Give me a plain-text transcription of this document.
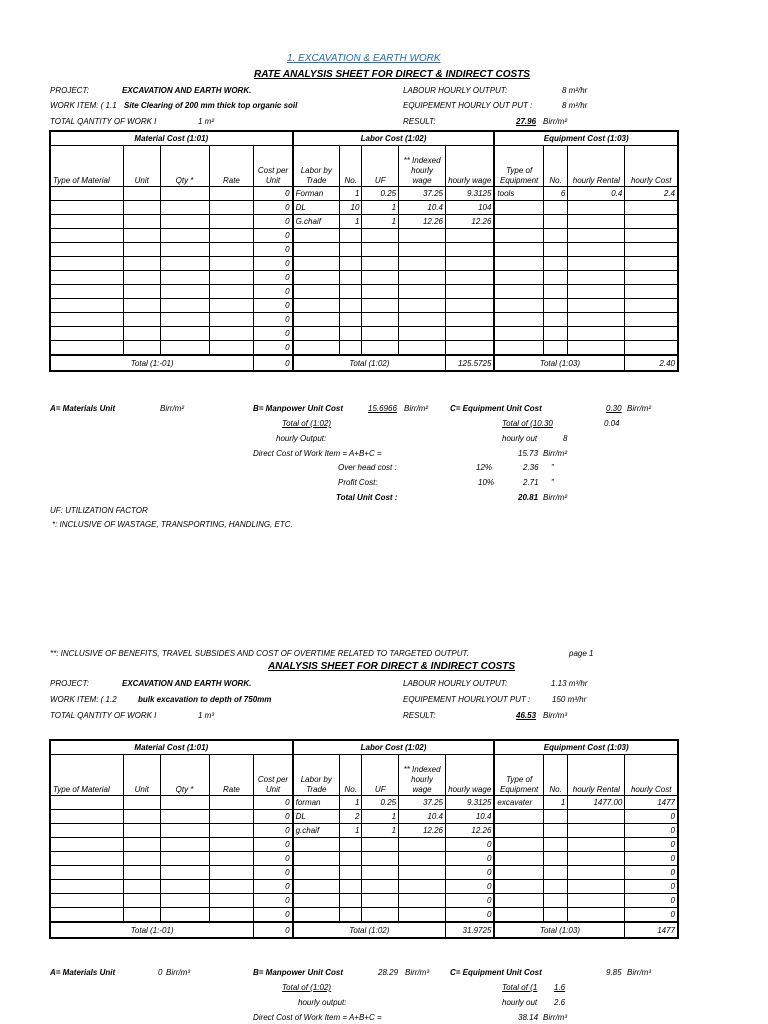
1. EXCAVATION & EARTH WORK
RATE ANALYSIS SHEET FOR DIRECT & INDIRECT COSTS
PROJECT:	EXCAVATION AND EARTH WORK.
WORK ITEM: ( 1.1 Site Clearing of 200 mm thick top organic soil
TOTAL QANTITY OF WORK I	1 m²
LABOUR HOURLY OUTPUT:	8 m²/hr
EQUIPEMENT HOURLY OUT PUT :	8 m²/hr
RESULT:	27.96 Birr/m²
Material Cost (1:01)					Labor Cost (1:02)					Equipment Cost (1:03)			
Type of Material	Unit	Qty *	Rate	Cost per Unit	Labor by Trade	No.	UF	** Indexed hourly wage	hourly wage	Type of Equipment	No.	hourly Rental	hourly Cost
				0	Forman	1	0.25	37.25	9.3125	tools	6	0.4	2.4
				0	DL	10	1	10.4	104				
				0	G.chaif	1	1	12.26	12.26				
				0									
				0									
				0									
				0									
				0									
				0									
				0									
				0									
				0									
Total (1:-01)				0	Total (1:02)				125.5725	Total (1:03)			2.40
A= Materials Unit	Birr/m²	B= Manpower Unit Cost	15.6966 Birr/m²	C= Equipment Unit Cost	0.30 Birr/m²
Total of (1:02)	Total of (10.30	0.04
hourly Output:	hourly out	8
Direct Cost of Work Item = A+B+C =	15.73 Birr/m²
Over head cost :	12%	2.36 "
Profit Cost:	10%	2.71 "
Total Unit Cost :	20.81 Birr/m²
UF: UTILIZATION FACTOR
*: INCLUSIVE OF WASTAGE, TRANSPORTING, HANDLING, ETC.
**: INCLUSIVE OF BENEFITS, TRAVEL SUBSIDES AND COST OF OVERTIME RELATED TO TARGETED OUTPUT.	page 1
ANALYSIS SHEET FOR DIRECT & INDIRECT COSTS
PROJECT:	EXCAVATION AND EARTH WORK.
WORK ITEM: ( 1.2	bulk excavation to depth of 750mm
TOTAL QANTITY OF WORK I	1 m³
LABOUR HOURLY OUTPUT:	1.13 m³/hr
EQUIPEMENT HOURLYOUT PUT :	150 m³/hr
RESULT:	46.53 Birr/m³
Material Cost (1:01)					Labor Cost (1:02)					Equipment Cost (1:03)			
Type of Material	Unit	Qty *	Rate	Cost per Unit	Labor by Trade	No.	UF	** Indexed hourly wage	hourly wage	Type of Equipment	No.	hourly Rental	hourly Cost
				0	forman	1	0.25	37.25	9.3125	excavater	1	1477.00	1477
				0	DL	2	1	10.4	10.4				0
				0	g.chaif	1	1	12.26	12.26				0
				0					0				0
				0					0				0
				0					0				0
				0					0				0
				0					0				0
				0					0				0
Total (1:-01)				0	Total (1:02)				31.9725	Total (1:03)			1477
A= Materials Unit	0 Birr/m³	B= Manpower Unit Cost	28.29 Birr/m³	C= Equipment Unit Cost	9.85 Birr/m³
Total of (1:02)	Total of (1 1.6
hourly output:	hourly out 2.6
Direct Cost of Work Item = A+B+C =	38.14 Birr/m³
